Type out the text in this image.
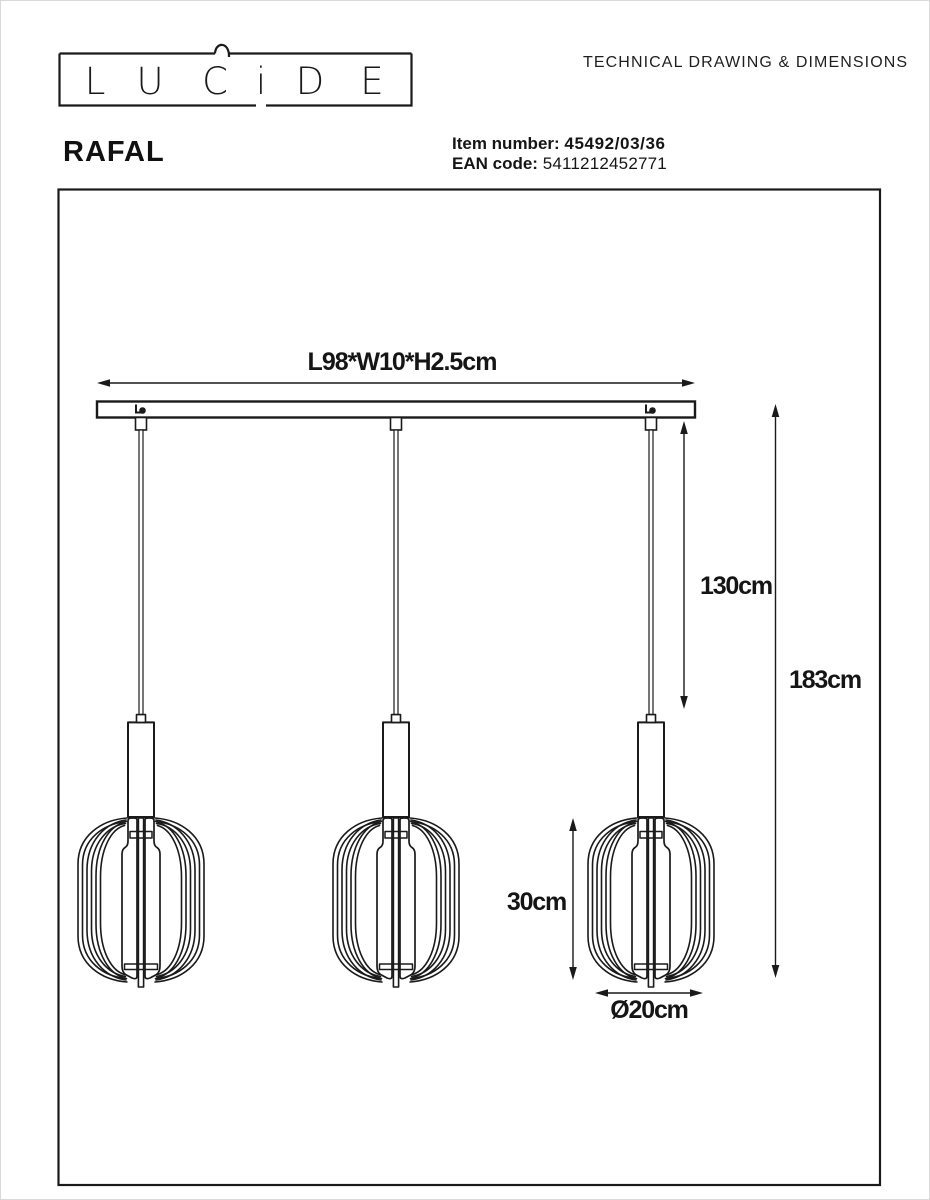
TECHNICAL DRAWING & DIMENSIONS
RAFAL	Item number: 45492/03/36
EAN code: 5411212452771
L U C i D E
L98*W10*H2.5cm
130cm
183cm
30cm
Ø20cm
